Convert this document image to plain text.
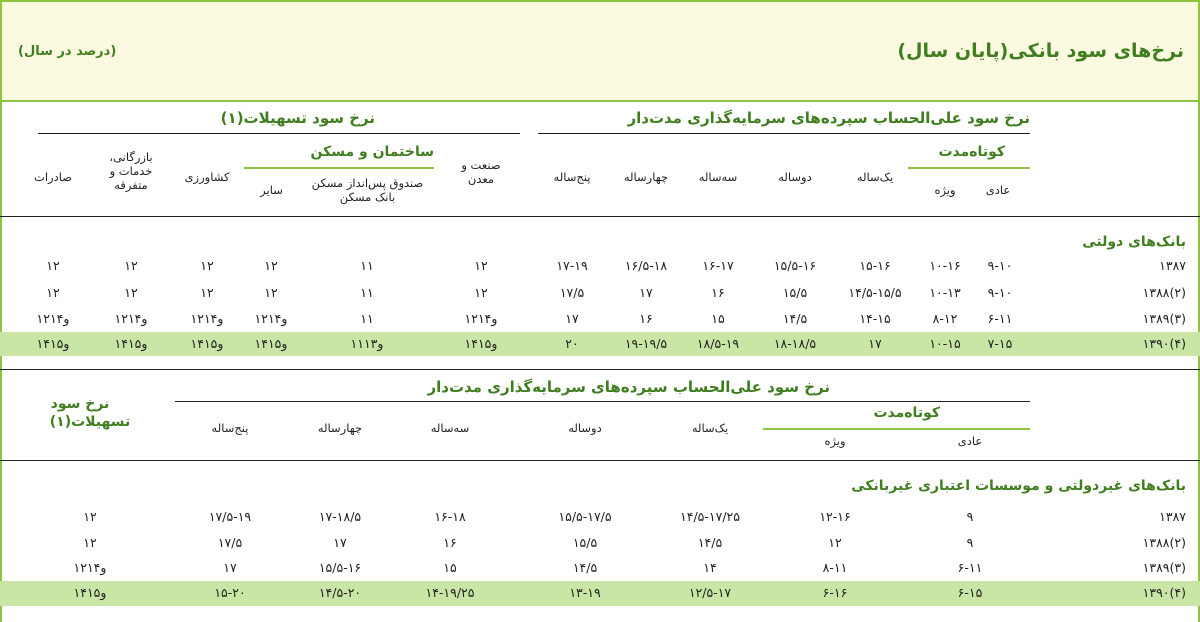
نرخ‌های سود بانکی(پایان سال)
(درصد در سال)
نرخ سود علی‌الحساب سپرده‌های سرمایه‌گذاری مدت‌دار
نرخ سود تسهیلات(۱)
کوتاه‌مدت
عادی
ویژه
یک‌ساله
دوساله
سه‌ساله
چهارساله
پنج‌ساله
صنعت و معدن
ساختمان و مسکن
صندوق پس‌انداز مسکن بانک مسکن
سایر
کشاورزی
بازرگانی، خدمات و متفرقه
صادرات
بانک‌های دولتی
۱۳۸۷
۹-۱۰
۱۰-۱۶
۱۵-۱۶
۱۵/۵-۱۶
۱۶-۱۷
۱۶/۵-۱۸
۱۷-۱۹
۱۲
۱۱
۱۲
۱۲
۱۲
۱۲
(۲)۱۳۸۸
۹-۱۰
۱۰-۱۳
۱۴/۵-۱۵/۵
۱۵/۵
۱۶
۱۷
۱۷/۵
۱۲
۱۱
۱۲
۱۲
۱۲
۱۲
(۳)۱۳۸۹
۶-۱۱
۸-۱۲
۱۴-۱۵
۱۴/۵
۱۵
۱۶
۱۷
۱۲و۱۴
۱۱
۱۲و۱۴
۱۲و۱۴
۱۲و۱۴
۱۲و۱۴
(۴)۱۳۹۰
۷-۱۵
۱۰-۱۵
۱۷
۱۸-۱۸/۵
۱۸/۵-۱۹
۱۹-۱۹/۵
۲۰
۱۴و۱۵
۱۱و۱۳
۱۴و۱۵
۱۴و۱۵
۱۴و۱۵
۱۴و۱۵
نرخ سود علی‌الحساب سپرده‌های سرمایه‌گذاری مدت‌دار
نرخ سود
تسهیلات(۱)
کوتاه‌مدت
عادی
ویژه
یک‌ساله
دوساله
سه‌ساله
چهارساله
پنج‌ساله
بانک‌های غیردولتی و موسسات اعتباری غیربانکی
۱۳۸۷
۹
۱۲-۱۶
۱۴/۵-۱۷/۲۵
۱۵/۵-۱۷/۵
۱۶-۱۸
۱۷-۱۸/۵
۱۷/۵-۱۹
۱۲
(۲)۱۳۸۸
۹
۱۲
۱۴/۵
۱۵/۵
۱۶
۱۷
۱۷/۵
۱۲
(۳)۱۳۸۹
۶-۱۱
۸-۱۱
۱۴
۱۴/۵
۱۵
۱۵/۵-۱۶
۱۷
۱۲و۱۴
(۴)۱۳۹۰
۶-۱۵
۶-۱۶
۱۲/۵-۱۷
۱۳-۱۹
۱۴-۱۹/۲۵
۱۴/۵-۲۰
۱۵-۲۰
۱۴و۱۵
